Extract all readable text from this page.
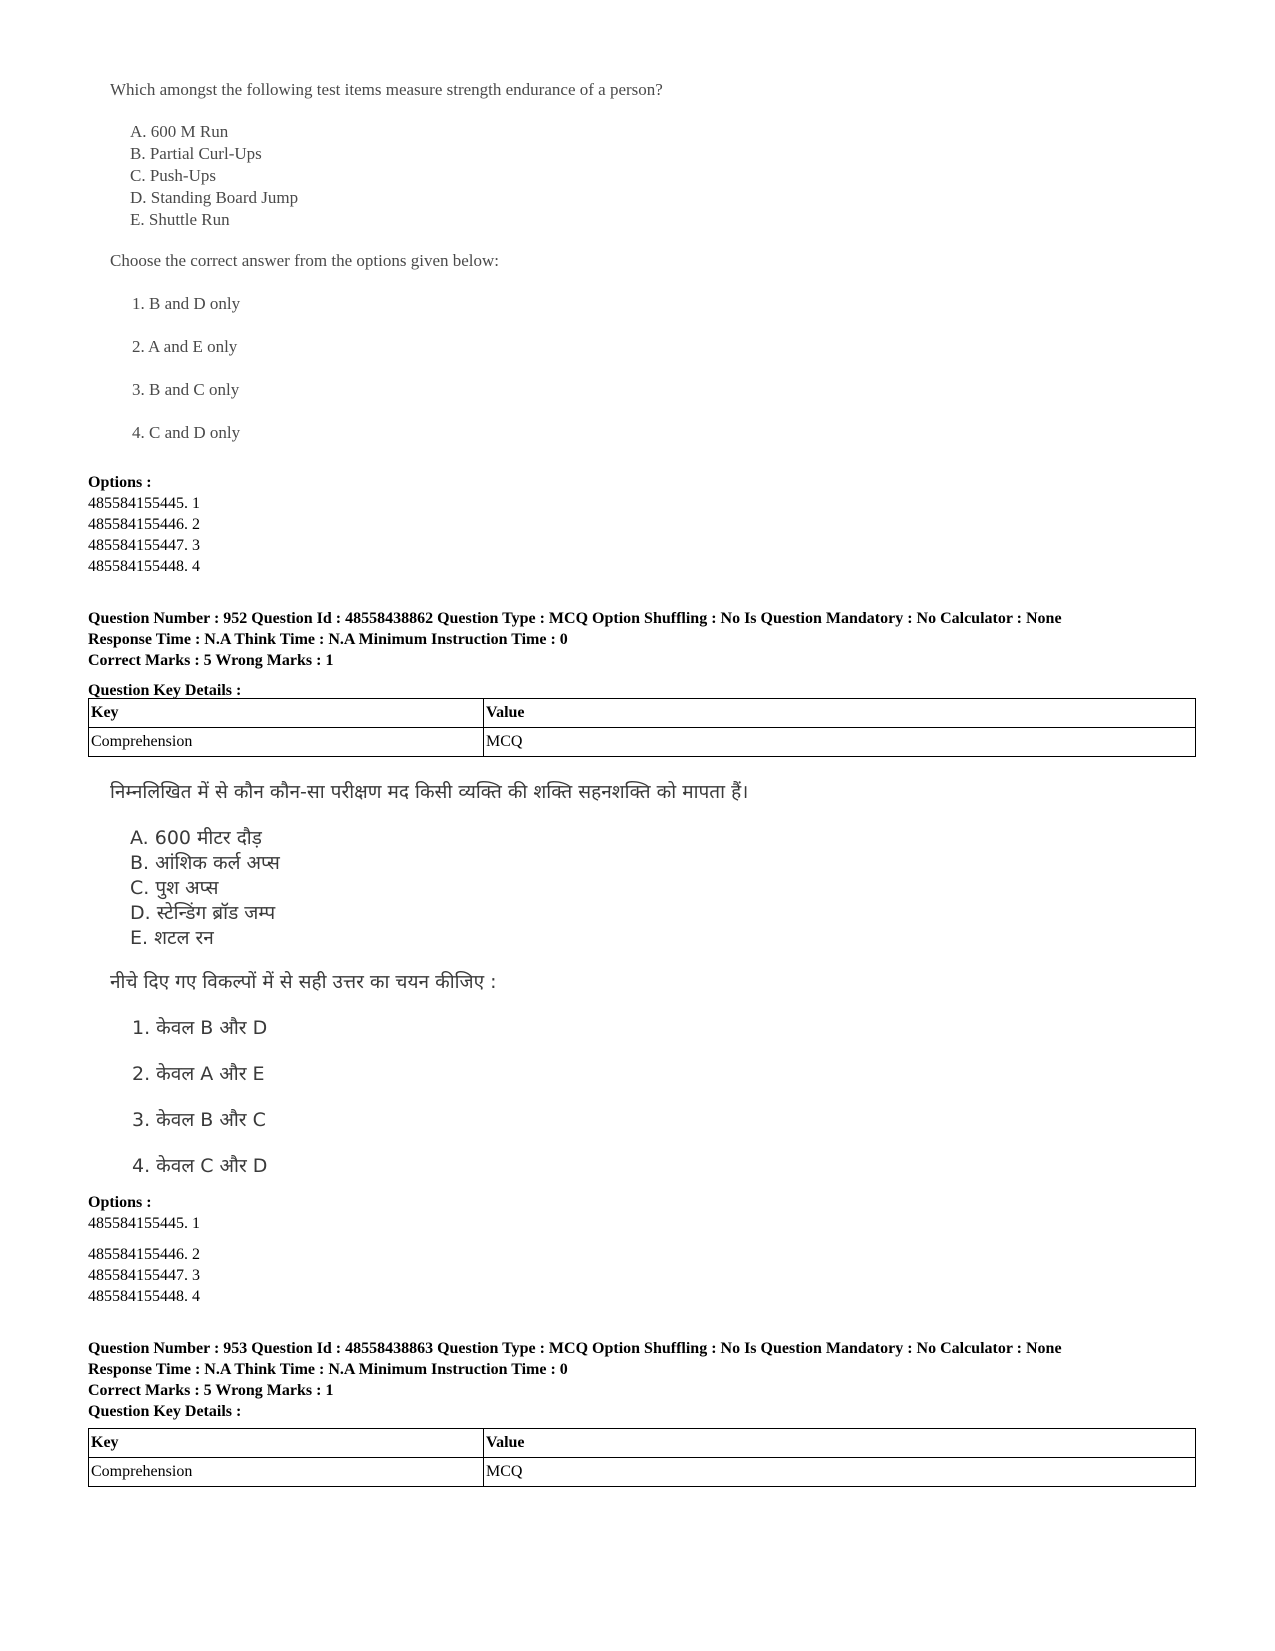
Which amongst the following test items measure strength endurance of a person?
A. 600 M Run
B. Partial Curl-Ups
C. Push-Ups
D. Standing Board Jump
E. Shuttle Run
Choose the correct answer from the options given below:
1. B and D only
2. A and E only
3. B and C only
4. C and D only
Options :
485584155445. 1
485584155446. 2
485584155447. 3
485584155448. 4
Question Number : 952 Question Id : 48558438862 Question Type : MCQ Option Shuffling : No Is Question Mandatory : No Calculator : None
Response Time : N.A Think Time : N.A Minimum Instruction Time : 0
Correct Marks : 5 Wrong Marks : 1
Question Key Details :
Key	Value
Comprehension	MCQ
निम्नलिखित में से कौन कौन-सा परीक्षण मद किसी व्यक्ति की शक्ति सहनशक्ति को मापता हैं।
A. 600 मीटर दौड़
B. आंशिक कर्ल अप्स
C. पुश अप्स
D. स्टेन्डिंग ब्रॉड जम्प
E. शटल रन
नीचे दिए गए विकल्पों में से सही उत्तर का चयन कीजिए :
1. केवल B और D
2. केवल A और E
3. केवल B और C
4. केवल C और D
Options :
485584155445. 1
485584155446. 2
485584155447. 3
485584155448. 4
Question Number : 953 Question Id : 48558438863 Question Type : MCQ Option Shuffling : No Is Question Mandatory : No Calculator : None
Response Time : N.A Think Time : N.A Minimum Instruction Time : 0
Correct Marks : 5 Wrong Marks : 1
Question Key Details :
Key	Value
Comprehension	MCQ
